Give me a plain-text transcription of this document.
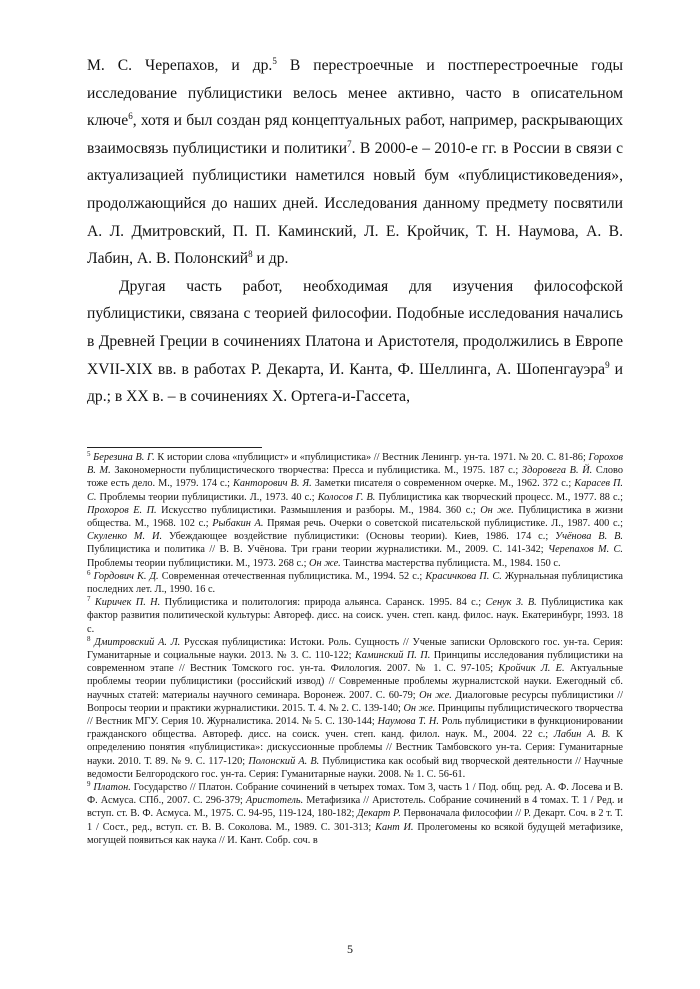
М. С. Черепахов, и др.$^5$ В перестроечные и постперестроечные годы исследование публицистики велось менее активно, часто в описательном ключе$^6$, хотя и был создан ряд концептуальных работ, например, раскрывающих взаимосвязь публицистики и политики$^7$. В 2000-е – 2010-е гг. в России в связи с актуализацией публицистики наметился новый бум «публицистиковедения», продолжающийся до наших дней. Исследования данному предмету посвятили А. Л. Дмитровский, П. П. Каминский, Л. Е. Кройчик, Т. Н. Наумова, А. В. Лабин, А. В. Полонский$^8$ и др.

Другая часть работ, необходимая для изучения философской публицистики, связана с теорией философии. Подобные исследования начались в Древней Греции в сочинениях Платона и Аристотеля, продолжились в Европе XVII-XIX вв. в работах Р. Декарта, И. Канта, Ф. Шеллинга, А. Шопенгауэра$^9$ и др.; в XX в. – в сочинениях Х. Ортега-и-Гассета,

$^5$ Березина В. Г. К истории слова «публицист» и «публицистика» // Вестник Ленингр. ун-та. 1971. № 20. С. 81-86; Горохов В. М. Закономерности публицистического творчества: Пресса и публицистика. М., 1975. 187 с.; Здоровега В. Й. Слово тоже есть дело. М., 1979. 174 с.; Канторович В. Я. Заметки писателя о современном очерке. М., 1962. 372 с.; Карасев П. С. Проблемы теории публицистики. Л., 1973. 40 с.; Колосов Г. В. Публицистика как творческий процесс. М., 1977. 88 с.; Прохоров Е. П. Искусство публицистики. Размышления и разборы. М., 1984. 360 с.; Он же. Публицистика в жизни общества. М., 1968. 102 с.; Рыбакин А. Прямая речь. Очерки о советской писательской публицистике. Л., 1987. 400 с.; Скуленко М. И. Убеждающее воздействие публицистики: (Основы теории). Киев, 1986. 174 с.; Учёнова В. В. Публицистика и политика // В. В. Учёнова. Три грани теории журналистики. М., 2009. С. 141-342; Черепахов М. С. Проблемы теории публицистики. М., 1973. 268 с.; Он же. Таинства мастерства публициста. М., 1984. 150 с.

$^6$ Гордович К. Д. Современная отечественная публицистика. М., 1994. 52 с.; Красичкова П. С. Журнальная публицистика последних лет. Л., 1990. 16 с.

$^7$ Киричек П. Н. Публицистика и политология: природа альянса. Саранск. 1995. 84 с.; Сенук З. В. Публицистика как фактор развития политической культуры: Автореф. дисс. на соиск. учен. степ. канд. филос. наук. Екатеринбург, 1993. 18 с.

$^8$ Дмитровский А. Л. Русская публицистика: Истоки. Роль. Сущность // Ученые записки Орловского гос. ун-та. Серия: Гуманитарные и социальные науки. 2013. № 3. С. 110-122; Каминский П. П. Принципы исследования публицистики на современном этапе // Вестник Томского гос. ун-та. Филология. 2007. № 1. С. 97-105; Кройчик Л. Е. Актуальные проблемы теории публицистики (российский извод) // Современные проблемы журналистской науки. Ежегодный сб. научных статей: материалы научного семинара. Воронеж. 2007. С. 60-79; Он же. Диалоговые ресурсы публицистики // Вопросы теории и практики журналистики. 2015. Т. 4. № 2. С. 139-140; Он же. Принципы публицистического творчества // Вестник МГУ. Серия 10. Журналистика. 2014. № 5. С. 130-144; Наумова Т. Н. Роль публицистики в функционировании гражданского общества. Автореф. дисс. на соиск. учен. степ. канд. филол. наук. М., 2004. 22 с.; Лабин А. В. К определению понятия «публицистика»: дискуссионные проблемы // Вестник Тамбовского ун-та. Серия: Гуманитарные науки. 2010. Т. 89. № 9. С. 117-120; Полонский А. В. Публицистика как особый вид творческой деятельности // Научные ведомости Белгородского гос. ун-та. Серия: Гуманитарные науки. 2008. № 1. С. 56-61.

$^9$ Платон. Государство // Платон. Собрание сочинений в четырех томах. Том 3, часть 1 / Под. общ. ред. А. Ф. Лосева и В. Ф. Асмуса. СПб., 2007. С. 296-379; Аристотель. Метафизика // Аристотель. Собрание сочинений в 4 томах. Т. 1 / Ред. и вступ. ст. В. Ф. Асмуса. М., 1975. С. 94-95, 119-124, 180-182; Декарт Р. Первоначала философии // Р. Декарт. Соч. в 2 т. Т. 1 / Сост., ред., вступ. ст. В. В. Соколова. М., 1989. С. 301-313; Кант И. Пролегомены ко всякой будущей метафизике, могущей появиться как наука // И. Кант. Собр. соч. в

5
